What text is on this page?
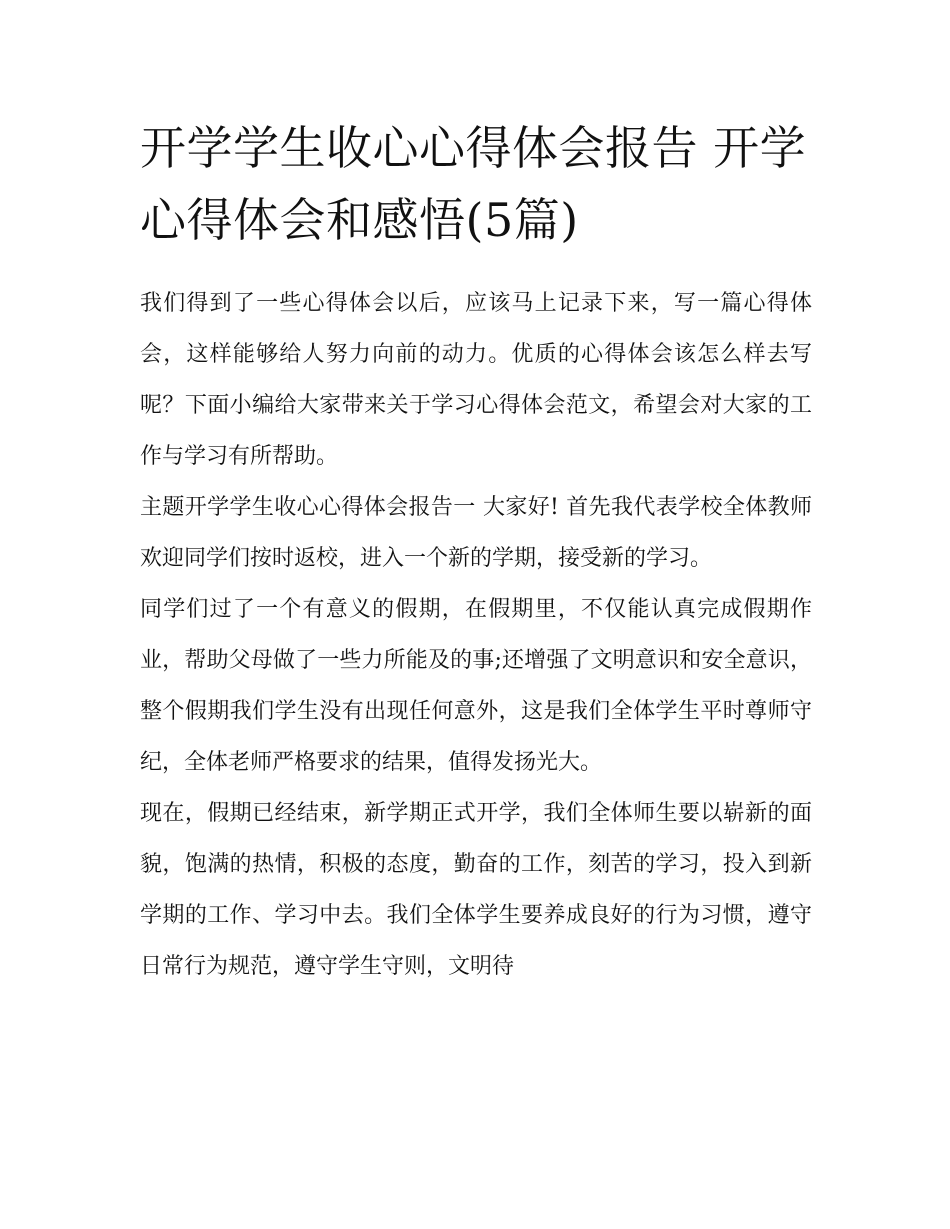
开学学生收心心得体会报告 开学心得体会和感悟(5篇)

我们得到了一些心得体会以后，应该马上记录下来，写一篇心得体会，这样能够给人努力向前的动力。优质的心得体会该怎么样去写呢？下面小编给大家带来关于学习心得体会范文，希望会对大家的工作与学习有所帮助。

主题开学学生收心心得体会报告一 大家好! 首先我代表学校全体教师欢迎同学们按时返校，进入一个新的学期，接受新的学习。

同学们过了一个有意义的假期，在假期里，不仅能认真完成假期作业，帮助父母做了一些力所能及的事;还增强了文明意识和安全意识，整个假期我们学生没有出现任何意外，这是我们全体学生平时尊师守纪，全体老师严格要求的结果，值得发扬光大。

现在，假期已经结束，新学期正式开学，我们全体师生要以崭新的面貌，饱满的热情，积极的态度，勤奋的工作，刻苦的学习，投入到新学期的工作、学习中去。我们全体学生要养成良好的行为习惯，遵守日常行为规范，遵守学生守则，文明待
